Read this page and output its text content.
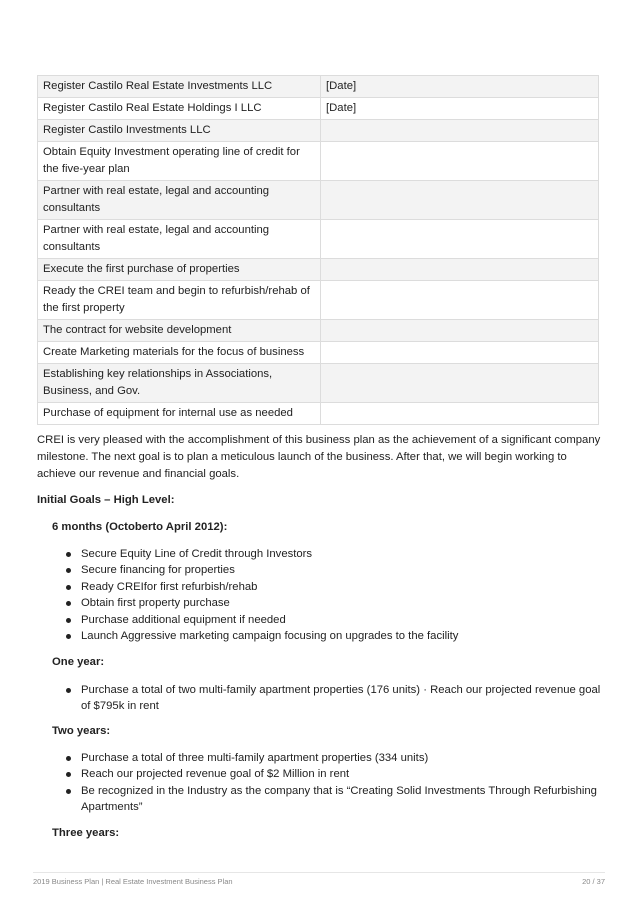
Register Castilo Real Estate Investments LLC	[Date]
Register Castilo Real Estate Holdings I LLC	[Date]
Register Castilo Investments LLC	
Obtain Equity Investment operating line of credit for the five-year plan	
Partner with real estate, legal and accounting consultants	
Partner with real estate, legal and accounting consultants	
Execute the first purchase of properties	
Ready the CREI team and begin to refurbish/rehab of the first property	
The contract for website development	
Create Marketing materials for the focus of business	
Establishing key relationships in Associations, Business, and Gov.	
Purchase of equipment for internal use as needed	

CREI is very pleased with the accomplishment of this business plan as the achievement of a significant company milestone. The next goal is to plan a meticulous launch of the business. After that, we will begin working to achieve our revenue and financial goals.

Initial Goals – High Level:

6 months (Octoberto April 2012):

Secure Equity Line of Credit through Investors
Secure financing for properties
Ready CREIfor first refurbish/rehab
Obtain first property purchase
Purchase additional equipment if needed
Launch Aggressive marketing campaign focusing on upgrades to the facility

One year:

Purchase a total of two multi-family apartment properties (176 units) · Reach our projected revenue goal of $795k in rent

Two years:

Purchase a total of three multi-family apartment properties (334 units)
Reach our projected revenue goal of $2 Million in rent
Be recognized in the Industry as the company that is “Creating Solid Investments Through Refurbishing Apartments”

Three years:

2019 Business Plan | Real Estate Investment Business Plan	20 / 37
